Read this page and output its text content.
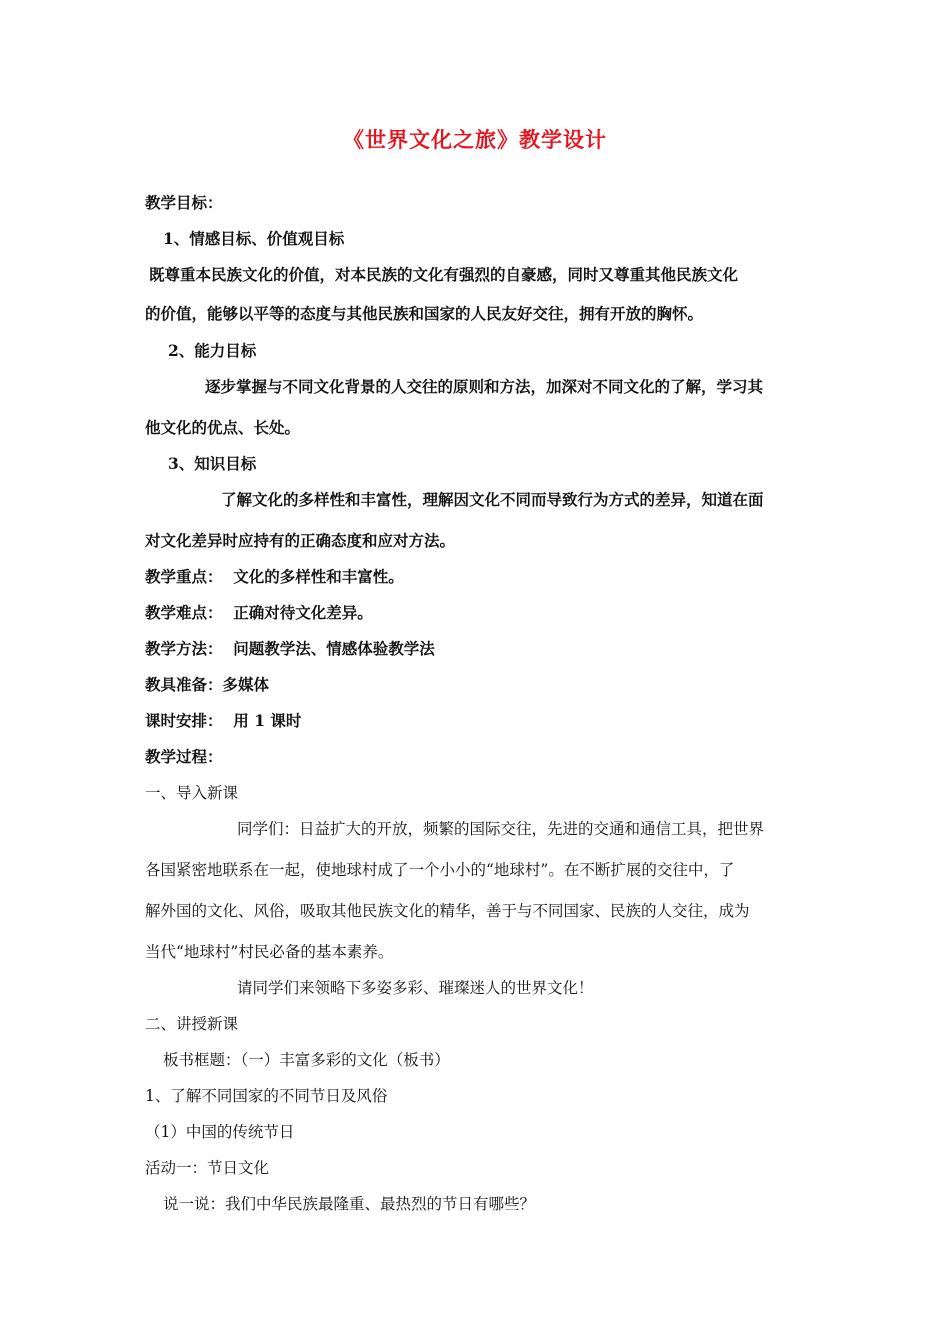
《世界文化之旅》教学设计
教学目标：
1、情感目标、价值观目标
既尊重本民族文化的价值，对本民族的文化有强烈的自豪感，同时又尊重其他民族文化
的价值，能够以平等的态度与其他民族和国家的人民友好交往，拥有开放的胸怀。
2、能力目标
逐步掌握与不同文化背景的人交往的原则和方法，加深对不同文化的了解，学习其
他文化的优点、长处。
3、知识目标
了解文化的多样性和丰富性，理解因文化不同而导致行为方式的差异，知道在面
对文化差异时应持有的正确态度和应对方法。
教学重点：  文化的多样性和丰富性。
教学难点：  正确对待文化差异。
教学方法：  问题教学法、情感体验教学法
教具准备：多媒体
课时安排：  用 1 课时
教学过程：
一、导入新课
同学们：日益扩大的开放，频繁的国际交往，先进的交通和通信工具，把世界
各国紧密地联系在一起，使地球村成了一个小小的“地球村”。在不断扩展的交往中，了
解外国的文化、风俗，吸取其他民族文化的精华，善于与不同国家、民族的人交往，成为
当代“地球村”村民必备的基本素养。
请同学们来领略下多姿多彩、璀璨迷人的世界文化！
二、讲授新课
板书框题：（一）丰富多彩的文化（板书）
1、了解不同国家的不同节日及风俗
（1）中国的传统节日
活动一：节日文化
说一说：我们中华民族最隆重、最热烈的节日有哪些？
